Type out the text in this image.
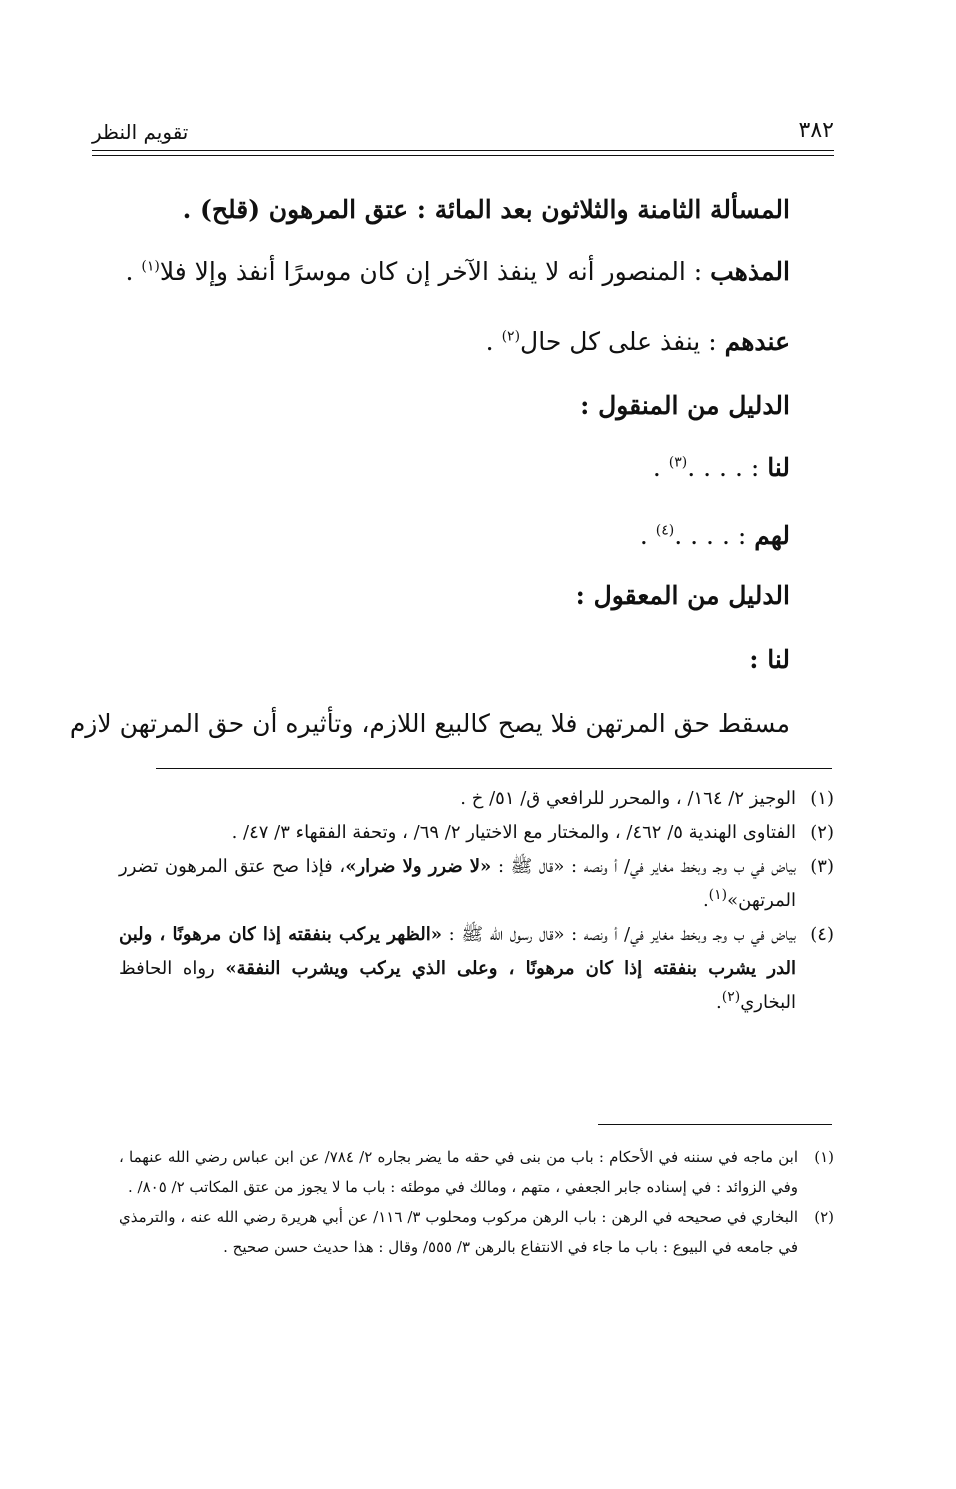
٣٨٢
تقويم النظر
المسألة الثامنة والثلاثون بعد المائة : عتق المرهون (قلح) .
المذهب : المنصور أنه لا ينفذ الآخر إن كان موسرًا أنفذ وإلا فلا$^{(١)}$ .
عندهم : ينفذ على كل حال$^{(٢)}$ .
الدليل من المنقول :
لنا : . . . .$^{(٣)}$ .
لهم : . . . .$^{(٤)}$ .
الدليل من المعقول :
لنا :
مسقط حق المرتهن فلا يصح كالبيع اللازم، وتأثيره أن حق المرتهن لازم
(١)
الوجيز ٢/ ١٦٤/ ، والمحرر للرافعي ق/ ٥١/ خ .
(٢)
الفتاوى الهندية ٥/ ٤٦٢/ ، والمختار مع الاختيار ٢/ ٦٩/ ، وتحفة الفقهاء ٣/ ٤٧/ .
(٣)
بياض في ب وجـ وبخط مغاير في/ أ ونصه : «قال ﷺ : «لا ضرر ولا ضرار»، فإذا صح عتق المرهون تضرر المرتهن»$^{(١)}$.
(٤)
بياض في ب وجـ وبخط مغاير في/ أ ونصه : «قال رسول الله ﷺ : «الظهر يركب بنفقته إذا كان مرهونًا ، ولبن الدر يشرب بنفقته إذا كان مرهونًا ، وعلى الذي يركب ويشرب النفقة» رواه الحافظ البخاري$^{(٢)}$.
(١)
ابن ماجه في سننه في الأحكام : باب من بنى في حقه ما يضر بجاره ٢/ ٧٨٤/ عن ابن عباس رضي الله عنهما ، وفي الزوائد : في إسناده جابر الجعفي ، متهم ، ومالك في موطئه : باب ما لا يجوز من عتق المكاتب ٢/ ٨٠٥/ .
(٢)
البخاري في صحيحه في الرهن : باب الرهن مركوب ومحلوب ٣/ ١١٦/ عن أبي هريرة رضي الله عنه ، والترمذي في جامعه في البيوع : باب ما جاء في الانتفاع بالرهن ٣/ ٥٥٥/ وقال : هذا حديث حسن صحيح .
